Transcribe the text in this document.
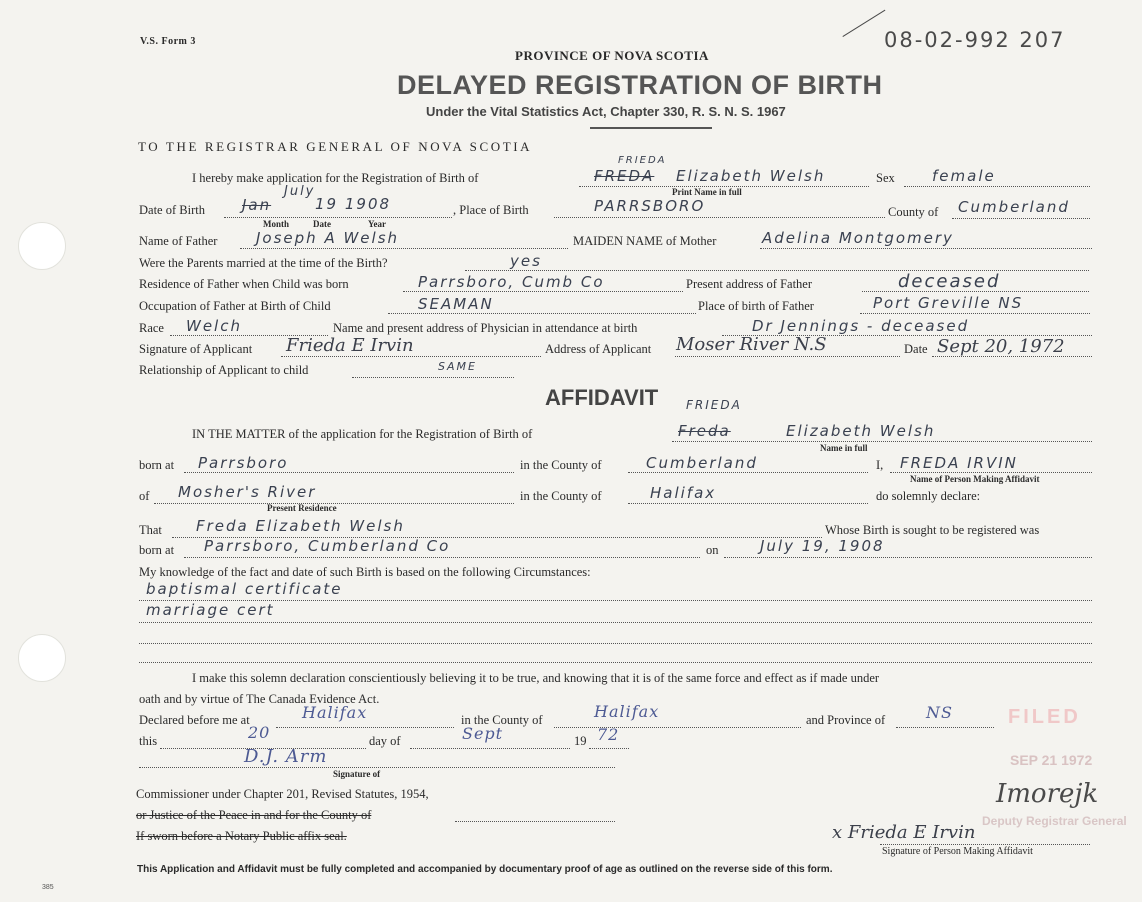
V.S. Form 3	08-02-992 207
PROVINCE OF NOVA SCOTIA
DELAYED REGISTRATION OF BIRTH
Under the Vital Statistics Act, Chapter 330, R. S. N. S. 1967
TO THE REGISTRAR GENERAL OF NOVA SCOTIA
I hereby make application for the Registration of Birth of
FRIEDA
FREDA Elizabeth Welsh	Sex female
Print Name in full
Date of Birth
July
Jan	19 1908
Month	Date	Year
, Place of Birth	PARRSBORO	County of Cumberland
Name of Father	Joseph A Welsh	MAIDEN NAME of Mother	Adelina Montgomery
Were the Parents married at the time of the Birth?	yes
Residence of Father when Child was born	Parrsboro, Cumb Co	Present address of Father	deceased
Occupation of Father at Birth of Child	SEAMAN	Place of birth of Father	Port Greville NS
Race Welch	Name and present address of Physician in attendance at birth	Dr Jennings - deceased
Signature of Applicant Frieda E Irvin	Address of Applicant Moser River N.S	Date Sept 20, 1972
Relationship of Applicant to child	SAME
AFFIDAVIT FRIEDA
IN THE MATTER of the application for the Registration of Birth of	Freda	Elizabeth Welsh
Name in full
born at Parrsboro	in the County of	Cumberland	I, FREDA IRVIN
Name of Person Making Affidavit
of Mosher's River	in the County of	Halifax	do solemnly declare:
Present Residence
That Freda Elizabeth Welsh	Whose Birth is sought to be registered was
born at Parrsboro, Cumberland Co	on	July 19, 1908
My knowledge of the fact and date of such Birth is based on the following Circumstances:
baptismal certificate
marriage cert
I make this solemn declaration conscientiously believing it to be true, and knowing that it is of the same force and effect as if made under
oath and by virtue of The Canada Evidence Act.
Declared before me at	Halifax	in the County of	Halifax	and Province of	NS
this	20	day of	Sept	19 72
D.J. Arm
Signature of
Commissioner under Chapter 201, Revised Statutes, 1954,
or Justice of the Peace in and for the County of
If sworn before a Notary Public affix seal.
FILED
SEP 21 1972
Imorejk
Deputy Registrar General
x Frieda E Irvin
Signature of Person Making Affidavit
This Application and Affidavit must be fully completed and accompanied by documentary proof of age as outlined on the reverse side of this form.
385
